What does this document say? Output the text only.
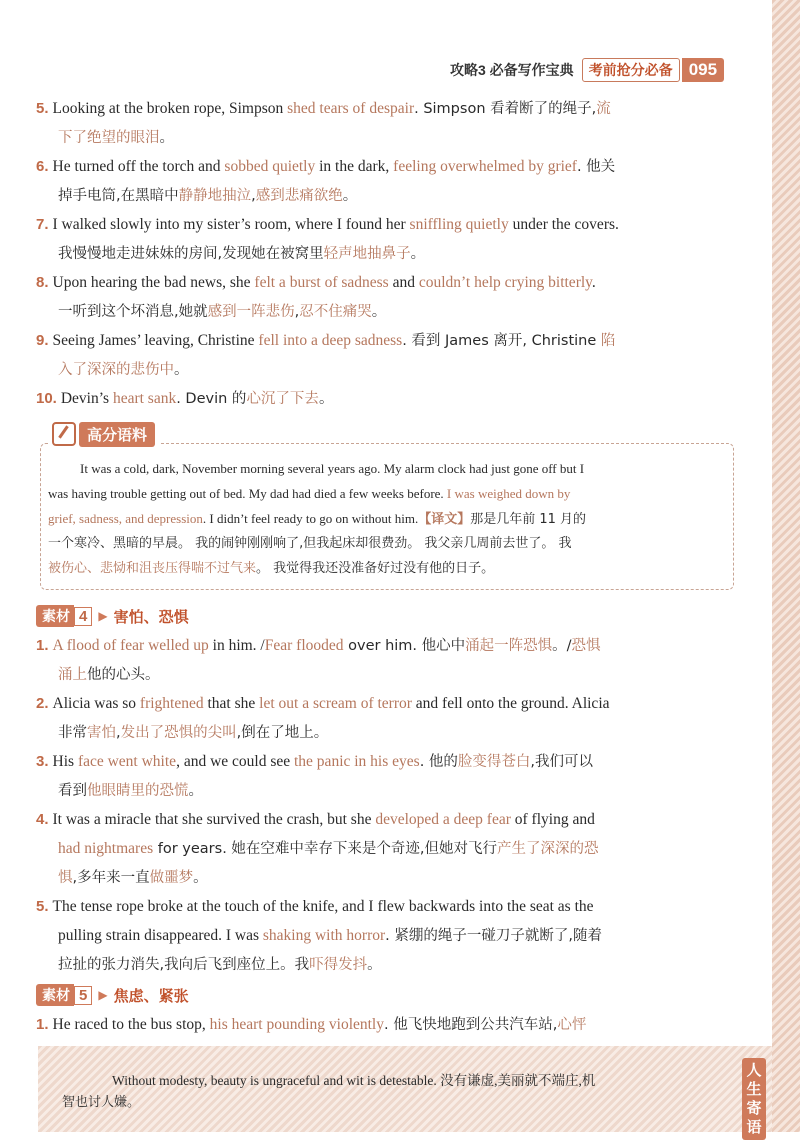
攻略3 必备写作宝典	考前抢分必备 095
5. Looking at the broken rope, Simpson shed tears of despair. Simpson 看着断了的绳子,流
下了绝望的眼泪。
6. He turned off the torch and sobbed quietly in the dark, feeling overwhelmed by grief. 他关
掉手电筒,在黑暗中静静地抽泣,感到悲痛欲绝。
7. I walked slowly into my sister’s room, where I found her sniffling quietly under the covers.
我慢慢地走进妹妹的房间,发现她在被窝里轻声地抽鼻子。
8. Upon hearing the bad news, she felt a burst of sadness and couldn’t help crying bitterly.
一听到这个坏消息,她就感到一阵悲伤,忍不住痛哭。
9. Seeing James’ leaving, Christine fell into a deep sadness. 看到 James 离开, Christine 陷
入了深深的悲伤中。
10. Devin’s heart sank. Devin 的心沉了下去。
高分语料
It was a cold, dark, November morning several years ago. My alarm clock had just gone off but I
was having trouble getting out of bed. My dad had died a few weeks before. I was weighed down by
grief, sadness, and depression. I didn’t feel ready to go on without him.【译文】那是几年前 11 月的
一个寒冷、黑暗的早晨。 我的闹钟刚刚响了,但我起床却很费劲。 我父亲几周前去世了。 我
被伤心、悲恸和沮丧压得喘不过气来。 我觉得我还没准备好过没有他的日子。
素材 4 ▶ 害怕、恐惧
1. A flood of fear welled up in him. /Fear flooded over him. 他心中涌起一阵恐惧。/恐惧
涌上他的心头。
2. Alicia was so frightened that she let out a scream of terror and fell onto the ground. Alicia
非常害怕,发出了恐惧的尖叫,倒在了地上。
3. His face went white, and we could see the panic in his eyes. 他的脸变得苍白,我们可以
看到他眼睛里的恐慌。
4. It was a miracle that she survived the crash, but she developed a deep fear of flying and
had nightmares for years. 她在空难中幸存下来是个奇迹,但她对飞行产生了深深的恐
惧,多年来一直做噩梦。
5. The tense rope broke at the touch of the knife, and I flew backwards into the seat as the
pulling strain disappeared. I was shaking with horror. 紧绷的绳子一碰刀子就断了,随着
拉扯的张力消失,我向后飞到座位上。我吓得发抖。
素材 5 ▶ 焦虑、紧张
1. He raced to the bus stop, his heart pounding violently. 他飞快地跑到公共汽车站,心怦
Without modesty, beauty is ungraceful and wit is detestable. 没有谦虚,美丽就不端庄,机
智也讨人嫌。
人生寄语
